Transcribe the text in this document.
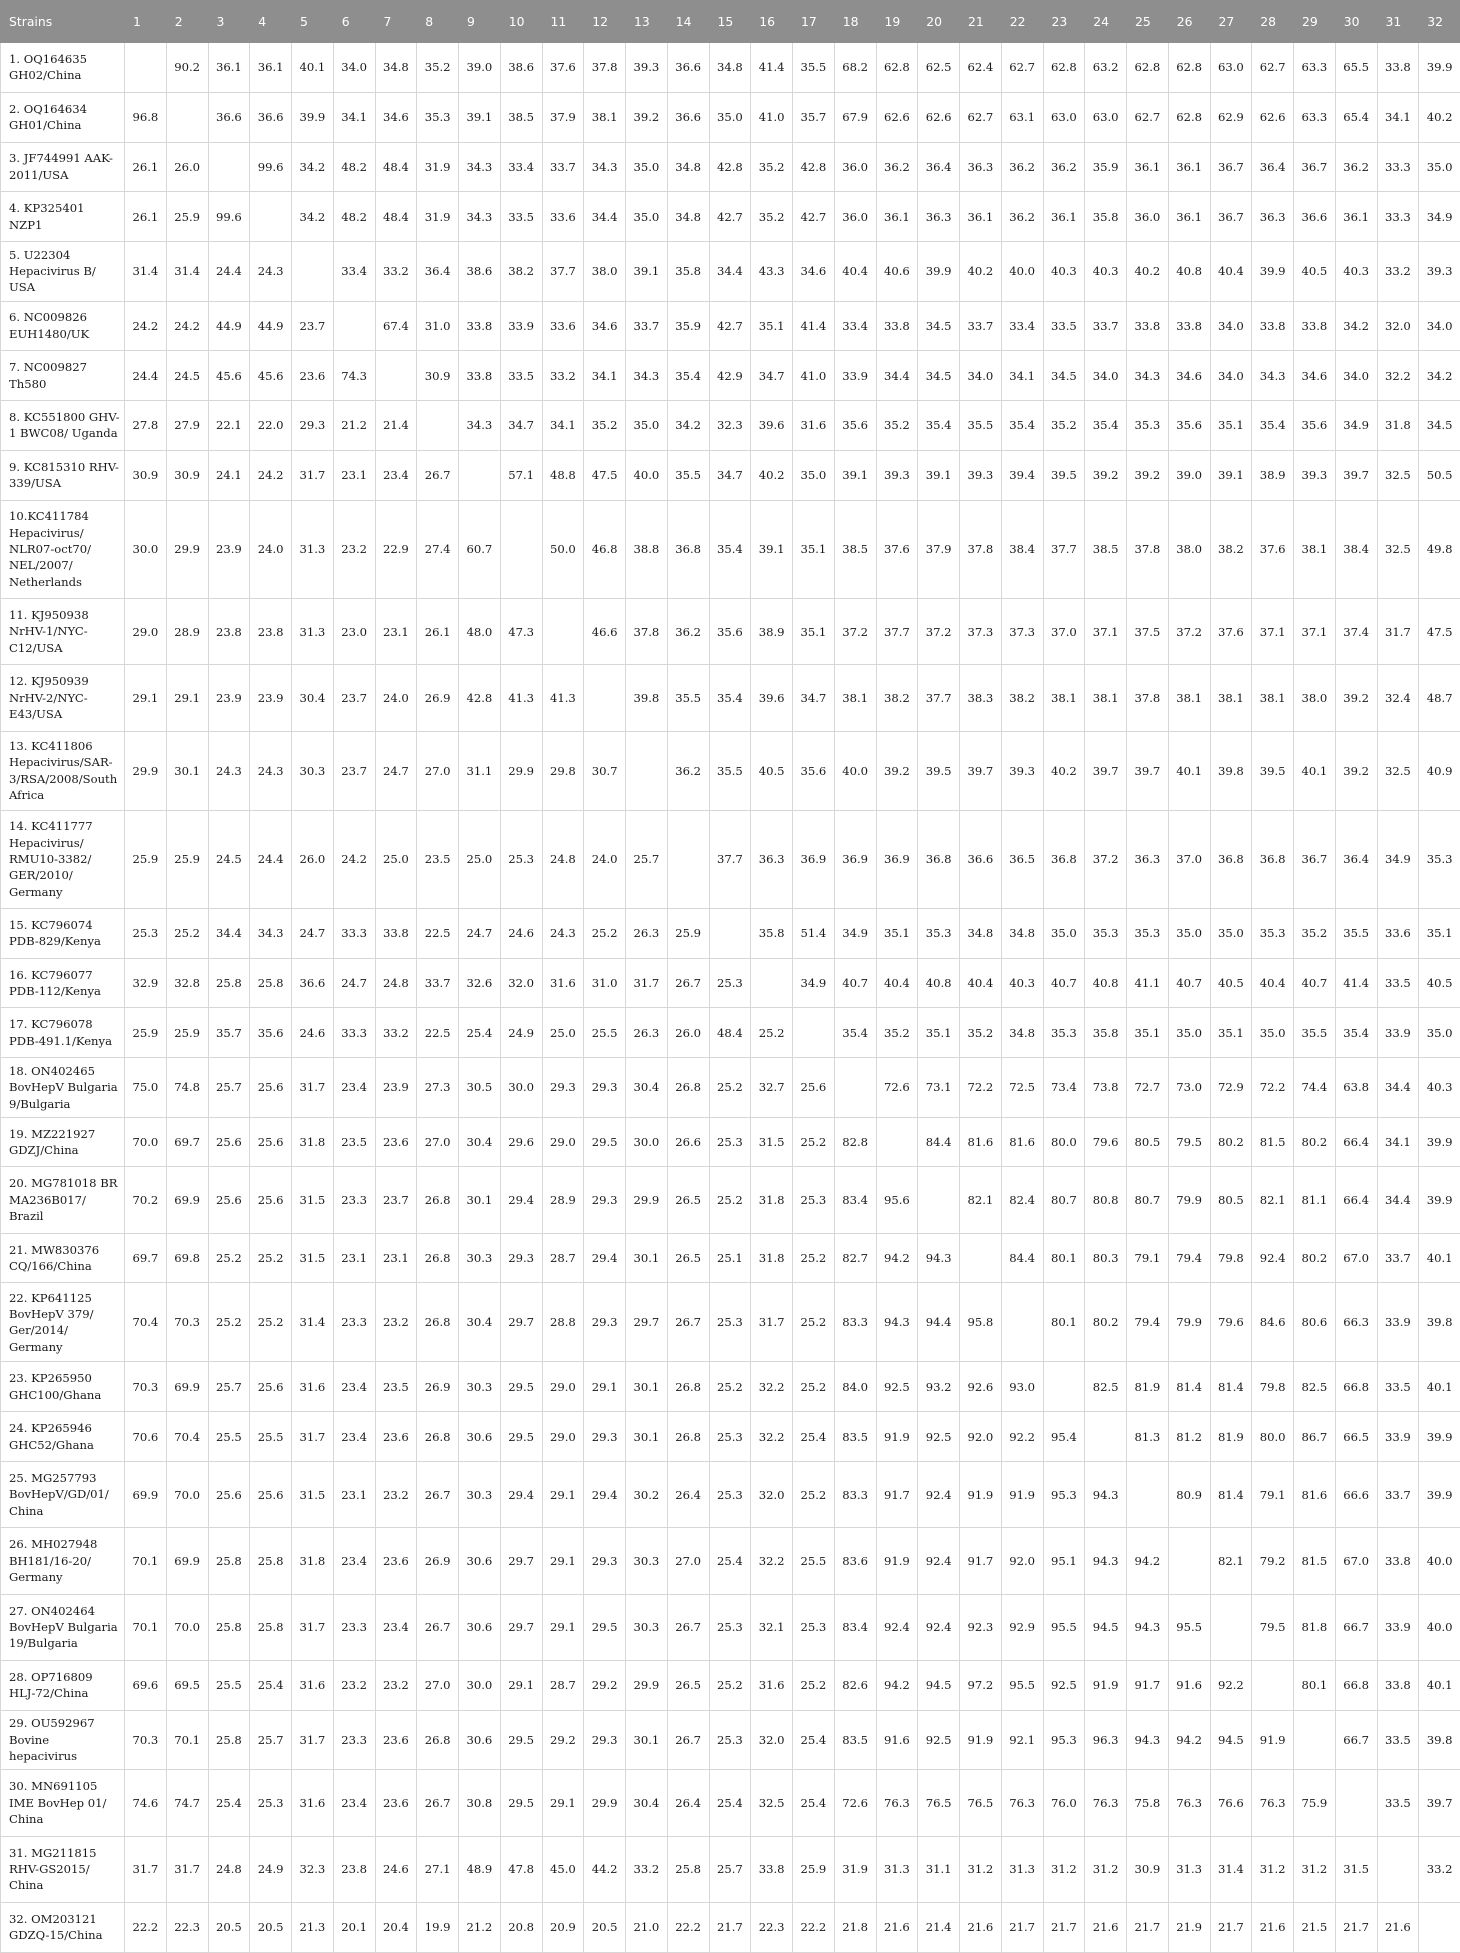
Strains	1	2	3	4	5	6	7	8	9	10	11	12	13	14	15	16	17	18	19	20	21	22	23	24	25	26	27	28	29	30	31	32
1. OQ164635 GH02/China		90.2	36.1	36.1	40.1	34.0	34.8	35.2	39.0	38.6	37.6	37.8	39.3	36.6	34.8	41.4	35.5	68.2	62.8	62.5	62.4	62.7	62.8	63.2	62.8	62.8	63.0	62.7	63.3	65.5	33.8	39.9
2. OQ164634 GH01/China	96.8		36.6	36.6	39.9	34.1	34.6	35.3	39.1	38.5	37.9	38.1	39.2	36.6	35.0	41.0	35.7	67.9	62.6	62.6	62.7	63.1	63.0	63.0	62.7	62.8	62.9	62.6	63.3	65.4	34.1	40.2
3. JF744991 AAK-2011/USA	26.1	26.0		99.6	34.2	48.2	48.4	31.9	34.3	33.4	33.7	34.3	35.0	34.8	42.8	35.2	42.8	36.0	36.2	36.4	36.3	36.2	36.2	35.9	36.1	36.1	36.7	36.4	36.7	36.2	33.3	35.0
4. KP325401 NZP1	26.1	25.9	99.6		34.2	48.2	48.4	31.9	34.3	33.5	33.6	34.4	35.0	34.8	42.7	35.2	42.7	36.0	36.1	36.3	36.1	36.2	36.1	35.8	36.0	36.1	36.7	36.3	36.6	36.1	33.3	34.9
5. U22304 Hepacivirus B/ USA	31.4	31.4	24.4	24.3		33.4	33.2	36.4	38.6	38.2	37.7	38.0	39.1	35.8	34.4	43.3	34.6	40.4	40.6	39.9	40.2	40.0	40.3	40.3	40.2	40.8	40.4	39.9	40.5	40.3	33.2	39.3
6. NC009826 EUH1480/UK	24.2	24.2	44.9	44.9	23.7		67.4	31.0	33.8	33.9	33.6	34.6	33.7	35.9	42.7	35.1	41.4	33.4	33.8	34.5	33.7	33.4	33.5	33.7	33.8	33.8	34.0	33.8	33.8	34.2	32.0	34.0
7. NC009827 Th580	24.4	24.5	45.6	45.6	23.6	74.3		30.9	33.8	33.5	33.2	34.1	34.3	35.4	42.9	34.7	41.0	33.9	34.4	34.5	34.0	34.1	34.5	34.0	34.3	34.6	34.0	34.3	34.6	34.0	32.2	34.2
8. KC551800 GHV-1 BWC08/ Uganda	27.8	27.9	22.1	22.0	29.3	21.2	21.4		34.3	34.7	34.1	35.2	35.0	34.2	32.3	39.6	31.6	35.6	35.2	35.4	35.5	35.4	35.2	35.4	35.3	35.6	35.1	35.4	35.6	34.9	31.8	34.5
9. KC815310 RHV-339/USA	30.9	30.9	24.1	24.2	31.7	23.1	23.4	26.7		57.1	48.8	47.5	40.0	35.5	34.7	40.2	35.0	39.1	39.3	39.1	39.3	39.4	39.5	39.2	39.2	39.0	39.1	38.9	39.3	39.7	32.5	50.5
10.KC411784 Hepacivirus/ NLR07-oct70/ NEL/2007/ Netherlands	30.0	29.9	23.9	24.0	31.3	23.2	22.9	27.4	60.7		50.0	46.8	38.8	36.8	35.4	39.1	35.1	38.5	37.6	37.9	37.8	38.4	37.7	38.5	37.8	38.0	38.2	37.6	38.1	38.4	32.5	49.8
11. KJ950938 NrHV-1/NYC- C12/USA	29.0	28.9	23.8	23.8	31.3	23.0	23.1	26.1	48.0	47.3		46.6	37.8	36.2	35.6	38.9	35.1	37.2	37.7	37.2	37.3	37.3	37.0	37.1	37.5	37.2	37.6	37.1	37.1	37.4	31.7	47.5
12. KJ950939 NrHV-2/NYC- E43/USA	29.1	29.1	23.9	23.9	30.4	23.7	24.0	26.9	42.8	41.3	41.3		39.8	35.5	35.4	39.6	34.7	38.1	38.2	37.7	38.3	38.2	38.1	38.1	37.8	38.1	38.1	38.1	38.0	39.2	32.4	48.7
13. KC411806 Hepacivirus/SAR- 3/RSA/2008/South Africa	29.9	30.1	24.3	24.3	30.3	23.7	24.7	27.0	31.1	29.9	29.8	30.7		36.2	35.5	40.5	35.6	40.0	39.2	39.5	39.7	39.3	40.2	39.7	39.7	40.1	39.8	39.5	40.1	39.2	32.5	40.9
14. KC411777 Hepacivirus/ RMU10-3382/ GER/2010/ Germany	25.9	25.9	24.5	24.4	26.0	24.2	25.0	23.5	25.0	25.3	24.8	24.0	25.7		37.7	36.3	36.9	36.9	36.9	36.8	36.6	36.5	36.8	37.2	36.3	37.0	36.8	36.8	36.7	36.4	34.9	35.3
15. KC796074 PDB-829/Kenya	25.3	25.2	34.4	34.3	24.7	33.3	33.8	22.5	24.7	24.6	24.3	25.2	26.3	25.9		35.8	51.4	34.9	35.1	35.3	34.8	34.8	35.0	35.3	35.3	35.0	35.0	35.3	35.2	35.5	33.6	35.1
16. KC796077 PDB-112/Kenya	32.9	32.8	25.8	25.8	36.6	24.7	24.8	33.7	32.6	32.0	31.6	31.0	31.7	26.7	25.3		34.9	40.7	40.4	40.8	40.4	40.3	40.7	40.8	41.1	40.7	40.5	40.4	40.7	41.4	33.5	40.5
17. KC796078 PDB-491.1/Kenya	25.9	25.9	35.7	35.6	24.6	33.3	33.2	22.5	25.4	24.9	25.0	25.5	26.3	26.0	48.4	25.2		35.4	35.2	35.1	35.2	34.8	35.3	35.8	35.1	35.0	35.1	35.0	35.5	35.4	33.9	35.0
18. ON402465 BovHepV Bulgaria 9/Bulgaria	75.0	74.8	25.7	25.6	31.7	23.4	23.9	27.3	30.5	30.0	29.3	29.3	30.4	26.8	25.2	32.7	25.6		72.6	73.1	72.2	72.5	73.4	73.8	72.7	73.0	72.9	72.2	74.4	63.8	34.4	40.3
19. MZ221927 GDZJ/China	70.0	69.7	25.6	25.6	31.8	23.5	23.6	27.0	30.4	29.6	29.0	29.5	30.0	26.6	25.3	31.5	25.2	82.8		84.4	81.6	81.6	80.0	79.6	80.5	79.5	80.2	81.5	80.2	66.4	34.1	39.9
20. MG781018 BR MA236B017/ Brazil	70.2	69.9	25.6	25.6	31.5	23.3	23.7	26.8	30.1	29.4	28.9	29.3	29.9	26.5	25.2	31.8	25.3	83.4	95.6		82.1	82.4	80.7	80.8	80.7	79.9	80.5	82.1	81.1	66.4	34.4	39.9
21. MW830376 CQ/166/China	69.7	69.8	25.2	25.2	31.5	23.1	23.1	26.8	30.3	29.3	28.7	29.4	30.1	26.5	25.1	31.8	25.2	82.7	94.2	94.3		84.4	80.1	80.3	79.1	79.4	79.8	92.4	80.2	67.0	33.7	40.1
22. KP641125 BovHepV 379/ Ger/2014/ Germany	70.4	70.3	25.2	25.2	31.4	23.3	23.2	26.8	30.4	29.7	28.8	29.3	29.7	26.7	25.3	31.7	25.2	83.3	94.3	94.4	95.8		80.1	80.2	79.4	79.9	79.6	84.6	80.6	66.3	33.9	39.8
23. KP265950 GHC100/Ghana	70.3	69.9	25.7	25.6	31.6	23.4	23.5	26.9	30.3	29.5	29.0	29.1	30.1	26.8	25.2	32.2	25.2	84.0	92.5	93.2	92.6	93.0		82.5	81.9	81.4	81.4	79.8	82.5	66.8	33.5	40.1
24. KP265946 GHC52/Ghana	70.6	70.4	25.5	25.5	31.7	23.4	23.6	26.8	30.6	29.5	29.0	29.3	30.1	26.8	25.3	32.2	25.4	83.5	91.9	92.5	92.0	92.2	95.4		81.3	81.2	81.9	80.0	86.7	66.5	33.9	39.9
25. MG257793 BovHepV/GD/01/ China	69.9	70.0	25.6	25.6	31.5	23.1	23.2	26.7	30.3	29.4	29.1	29.4	30.2	26.4	25.3	32.0	25.2	83.3	91.7	92.4	91.9	91.9	95.3	94.3		80.9	81.4	79.1	81.6	66.6	33.7	39.9
26. MH027948 BH181/16-20/ Germany	70.1	69.9	25.8	25.8	31.8	23.4	23.6	26.9	30.6	29.7	29.1	29.3	30.3	27.0	25.4	32.2	25.5	83.6	91.9	92.4	91.7	92.0	95.1	94.3	94.2		82.1	79.2	81.5	67.0	33.8	40.0
27. ON402464 BovHepV Bulgaria 19/Bulgaria	70.1	70.0	25.8	25.8	31.7	23.3	23.4	26.7	30.6	29.7	29.1	29.5	30.3	26.7	25.3	32.1	25.3	83.4	92.4	92.4	92.3	92.9	95.5	94.5	94.3	95.5		79.5	81.8	66.7	33.9	40.0
28. OP716809 HLJ-72/China	69.6	69.5	25.5	25.4	31.6	23.2	23.2	27.0	30.0	29.1	28.7	29.2	29.9	26.5	25.2	31.6	25.2	82.6	94.2	94.5	97.2	95.5	92.5	91.9	91.7	91.6	92.2		80.1	66.8	33.8	40.1
29. OU592967 Bovine hepacivirus	70.3	70.1	25.8	25.7	31.7	23.3	23.6	26.8	30.6	29.5	29.2	29.3	30.1	26.7	25.3	32.0	25.4	83.5	91.6	92.5	91.9	92.1	95.3	96.3	94.3	94.2	94.5	91.9		66.7	33.5	39.8
30. MN691105 IME BovHep 01/ China	74.6	74.7	25.4	25.3	31.6	23.4	23.6	26.7	30.8	29.5	29.1	29.9	30.4	26.4	25.4	32.5	25.4	72.6	76.3	76.5	76.5	76.3	76.0	76.3	75.8	76.3	76.6	76.3	75.9		33.5	39.7
31. MG211815 RHV-GS2015/ China	31.7	31.7	24.8	24.9	32.3	23.8	24.6	27.1	48.9	47.8	45.0	44.2	33.2	25.8	25.7	33.8	25.9	31.9	31.3	31.1	31.2	31.3	31.2	31.2	30.9	31.3	31.4	31.2	31.2	31.5		33.2
32. OM203121 GDZQ-15/China	22.2	22.3	20.5	20.5	21.3	20.1	20.4	19.9	21.2	20.8	20.9	20.5	21.0	22.2	21.7	22.3	22.2	21.8	21.6	21.4	21.6	21.7	21.7	21.6	21.7	21.9	21.7	21.6	21.5	21.7	21.6	
